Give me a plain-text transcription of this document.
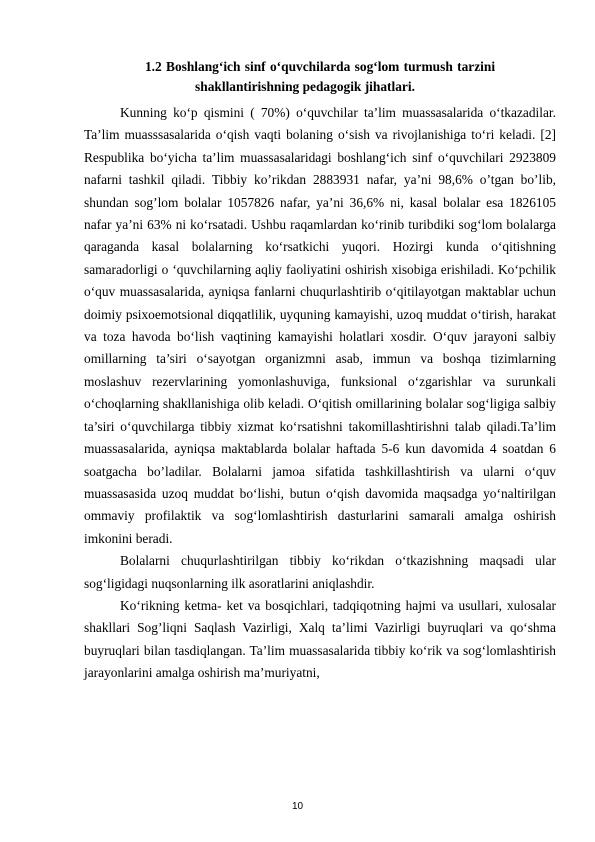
1.2 Boshlang‘ich sinf o‘quvchilarda sog‘lom turmush tarzini
shakllantirishning pedagogik jihatlari.

Kunning ko‘p qismini ( 70%) o‘quvchilar ta’lim muassasalarida o‘tkazadilar. Ta’lim muasssasalarida o‘qish vaqti bolaning o‘sish va rivojlanishiga to‘ri keladi. [2] Respublika bo‘yicha ta’lim muassasalaridagi boshlang‘ich sinf o‘quvchilari 2923809 nafarni tashkil qiladi. Tibbiy ko’rikdan 2883931 nafar, ya’ni 98,6% o’tgan bo’lib, shundan sog’lom bolalar 1057826 nafar, ya’ni 36,6% ni, kasal bolalar esa 1826105 nafar ya’ni 63% ni ko‘rsatadi. Ushbu raqamlardan ko‘rinib turibdiki sog‘lom bolalarga qaraganda kasal bolalarning ko‘rsatkichi yuqori. Hozirgi kunda o‘qitishning samaradorligi o ‘quvchilarning aqliy faoliyatini oshirish xisobiga erishiladi. Ko‘pchilik o‘quv muassasalarida, ayniqsa fanlarni chuqurlashtirib o‘qitilayotgan maktablar uchun doimiy psixoemotsional diqqatlilik, uyquning kamayishi, uzoq muddat o‘tirish, harakat va toza havoda bo‘lish vaqtining kamayishi holatlari xosdir. O‘quv jarayoni salbiy omillarning ta’siri o‘sayotgan organizmni asab, immun va boshqa tizimlarning moslashuv rezervlarining yomonlashuviga, funksional o‘zgarishlar va surunkali o‘choqlarning shakllanishiga olib keladi. O‘qitish omillarining bolalar sog‘ligiga salbiy ta’siri o‘quvchilarga tibbiy xizmat ko‘rsatishni takomillashtirishni talab qiladi.Ta’lim muassasalarida, ayniqsa maktablarda bolalar haftada 5-6 kun davomida 4 soatdan 6 soatgacha bo’ladilar. Bolalarni jamoa sifatida tashkillashtirish va ularni o‘quv muassasasida uzoq muddat bo‘lishi, butun o‘qish davomida maqsadga yo‘naltirilgan ommaviy profilaktik va sog‘lomlashtirish dasturlarini samarali amalga oshirish imkonini beradi.

Bolalarni chuqurlashtirilgan tibbiy ko‘rikdan o‘tkazishning maqsadi ular sog‘ligidagi nuqsonlarning ilk asoratlarini aniqlashdir.

Ko‘rikning ketma- ket va bosqichlari, tadqiqotning hajmi va usullari, xulosalar shakllari Sog’liqni Saqlash Vazirligi, Xalq ta’limi Vazirligi buyruqlari va qo‘shma buyruqlari bilan tasdiqlangan. Ta’lim muassasalarida tibbiy ko‘rik va sog‘lomlashtirish jarayonlarini amalga oshirish ma’muriyatni,

10
